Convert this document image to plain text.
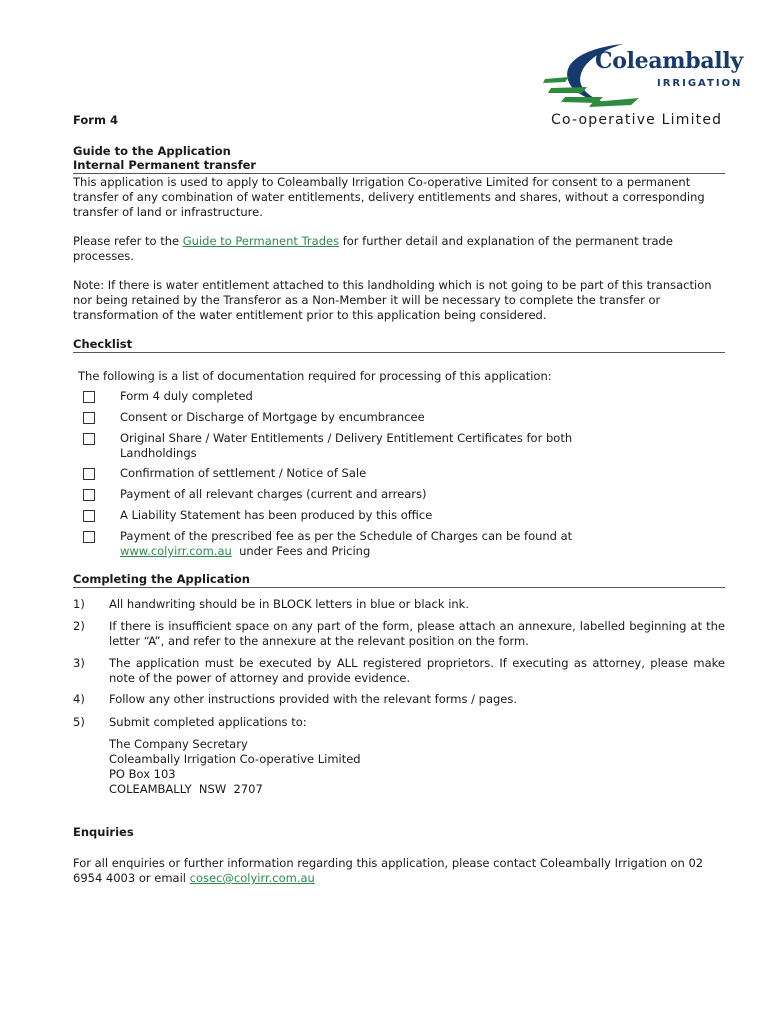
Coleambally
IRRIGATION
Form 4	Co-operative Limited
Guide to the Application
Internal Permanent transfer
This application is used to apply to Coleambally Irrigation Co-operative Limited for consent to a permanent transfer of any combination of water entitlements, delivery entitlements and shares, without a corresponding transfer of land or infrastructure.
Please refer to the Guide to Permanent Trades for further detail and explanation of the permanent trade processes.
Note: If there is water entitlement attached to this landholding which is not going to be part of this transaction nor being retained by the Transferor as a Non-Member it will be necessary to complete the transfer or transformation of the water entitlement prior to this application being considered.
Checklist
The following is a list of documentation required for processing of this application:
Form 4 duly completed
Consent or Discharge of Mortgage by encumbrancee
Original Share / Water Entitlements / Delivery Entitlement Certificates for both Landholdings
Confirmation of settlement / Notice of Sale
Payment of all relevant charges (current and arrears)
A Liability Statement has been produced by this office
Payment of the prescribed fee as per the Schedule of Charges can be found at
www.colyirr.com.au  under Fees and Pricing
Completing the Application
1) All handwriting should be in BLOCK letters in blue or black ink.
2) If there is insufficient space on any part of the form, please attach an annexure, labelled beginning at the letter “A”, and refer to the annexure at the relevant position on the form.
3) The application must be executed by ALL registered proprietors. If executing as attorney, please make note of the power of attorney and provide evidence.
4) Follow any other instructions provided with the relevant forms / pages.
5) Submit completed applications to:
The Company Secretary
Coleambally Irrigation Co-operative Limited
PO Box 103
COLEAMBALLY  NSW  2707
Enquiries
For all enquiries or further information regarding this application, please contact Coleambally Irrigation on 02 6954 4003 or email cosec@colyirr.com.au
